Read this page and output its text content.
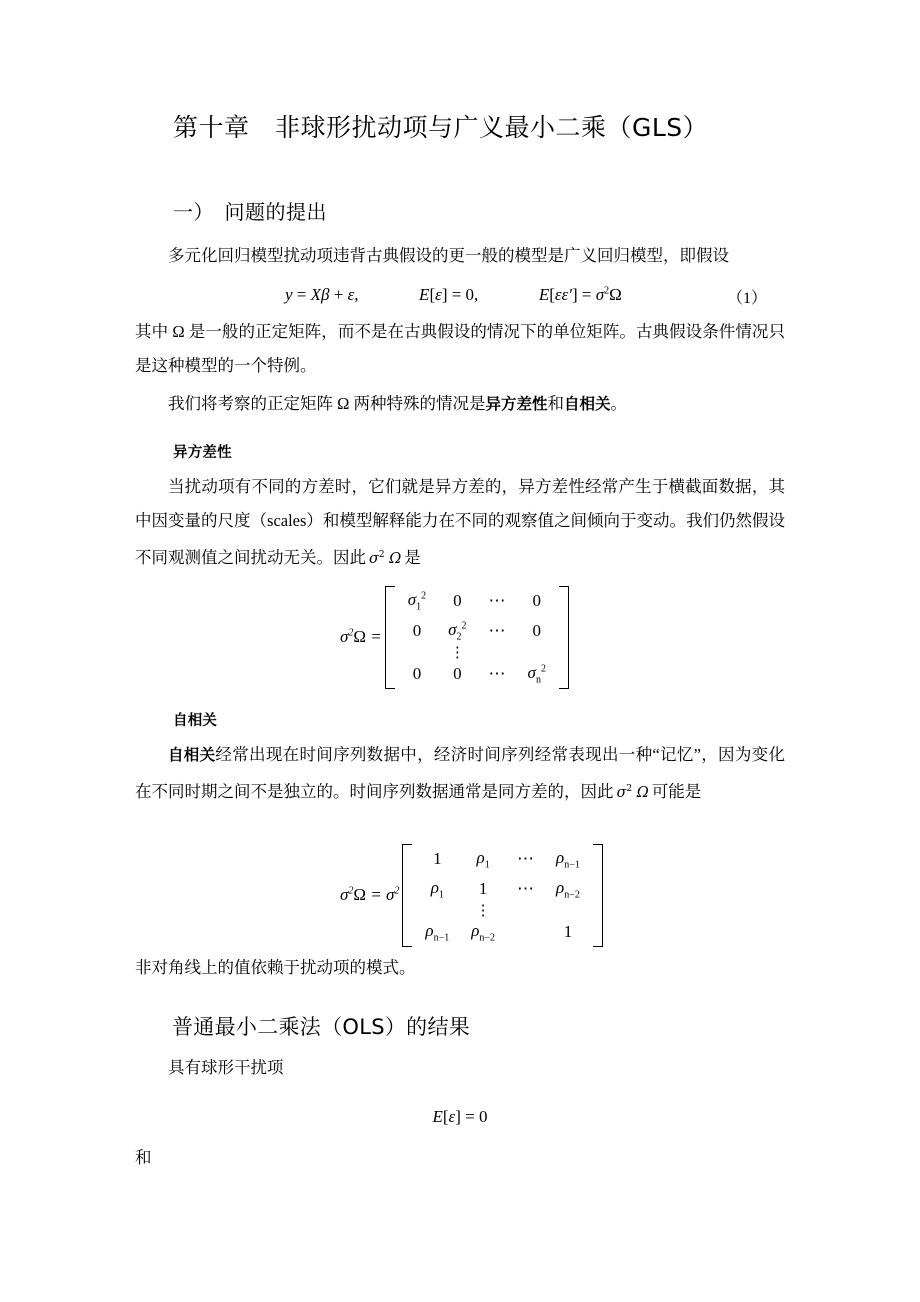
第十章　非球形扰动项与广义最小二乘（GLS）
一）　问题的提出

多元化回归模型扰动项违背古典假设的更一般的模型是广义回归模型，即假设

y = Xβ + ε,	E[ε] = 0,	$E[\varepsilon\varepsilon'] = \sigma^2\Omega$	（1）

其中 Ω 是一般的正定矩阵，而不是在古典假设的情况下的单位矩阵。古典假设条件情况只是这种模型的一个特例。

我们将考察的正定矩阵 Ω 两种特殊的情况是异方差性和自相关。

异方差性

当扰动项有不同的方差时，它们就是异方差的，异方差性经常产生于横截面数据，其中因变量的尺度（scales）和模型解释能力在不同的观察值之间倾向于变动。我们仍然假设不同观测值之间扰动无关。因此 $\sigma^2$ Ω 是

$\sigma^2\Omega$ =
$\sigma_1^2$	0	⋯	0
0	$\sigma_2^2$	⋯	0
	⋮		
0	0	⋯	$\sigma_n^2$
自相关

自相关经常出现在时间序列数据中，经济时间序列经常表现出一种“记忆”，因为变化在不同时期之间不是独立的。时间序列数据通常是同方差的，因此 $\sigma^2$ Ω 可能是

$\sigma^2\Omega = \sigma^2$
1	$\rho_1$	⋯	$\rho_{n-1}$
$\rho_1$	1	⋯	$\rho_{n-2}$
	⋮		
$\rho_{n-1}$	$\rho_{n-2}$		1

非对角线上的值依赖于扰动项的模式。

普通最小二乘法（OLS）的结果

具有球形干扰项

E[ε] = 0

和
